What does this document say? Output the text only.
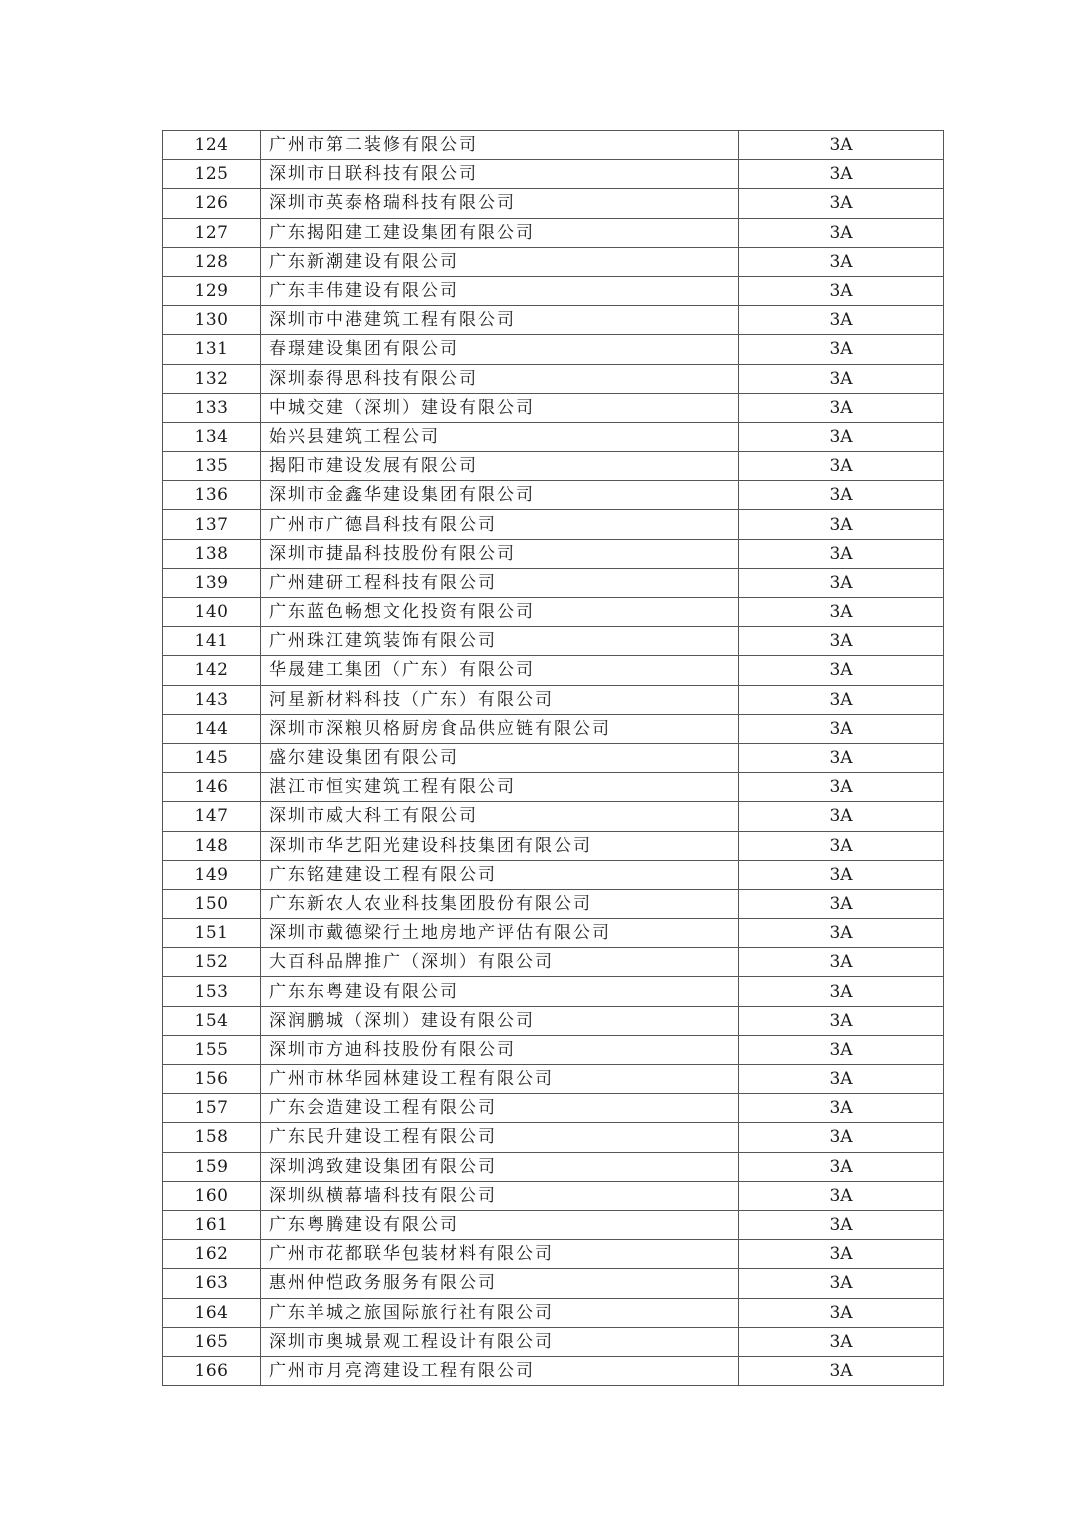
124	广州市第二装修有限公司	3A
125	深圳市日联科技有限公司	3A
126	深圳市英泰格瑞科技有限公司	3A
127	广东揭阳建工建设集团有限公司	3A
128	广东新潮建设有限公司	3A
129	广东丰伟建设有限公司	3A
130	深圳市中港建筑工程有限公司	3A
131	春璟建设集团有限公司	3A
132	深圳泰得思科技有限公司	3A
133	中城交建（深圳）建设有限公司	3A
134	始兴县建筑工程公司	3A
135	揭阳市建设发展有限公司	3A
136	深圳市金鑫华建设集团有限公司	3A
137	广州市广德昌科技有限公司	3A
138	深圳市捷晶科技股份有限公司	3A
139	广州建研工程科技有限公司	3A
140	广东蓝色畅想文化投资有限公司	3A
141	广州珠江建筑装饰有限公司	3A
142	华晟建工集团（广东）有限公司	3A
143	河星新材料科技（广东）有限公司	3A
144	深圳市深粮贝格厨房食品供应链有限公司	3A
145	盛尔建设集团有限公司	3A
146	湛江市恒实建筑工程有限公司	3A
147	深圳市威大科工有限公司	3A
148	深圳市华艺阳光建设科技集团有限公司	3A
149	广东铭建建设工程有限公司	3A
150	广东新农人农业科技集团股份有限公司	3A
151	深圳市戴德梁行土地房地产评估有限公司	3A
152	大百科品牌推广（深圳）有限公司	3A
153	广东东粤建设有限公司	3A
154	深润鹏城（深圳）建设有限公司	3A
155	深圳市方迪科技股份有限公司	3A
156	广州市林华园林建设工程有限公司	3A
157	广东会造建设工程有限公司	3A
158	广东民升建设工程有限公司	3A
159	深圳鸿致建设集团有限公司	3A
160	深圳纵横幕墙科技有限公司	3A
161	广东粤腾建设有限公司	3A
162	广州市花都联华包装材料有限公司	3A
163	惠州仲恺政务服务有限公司	3A
164	广东羊城之旅国际旅行社有限公司	3A
165	深圳市奥城景观工程设计有限公司	3A
166	广州市月亮湾建设工程有限公司	3A
